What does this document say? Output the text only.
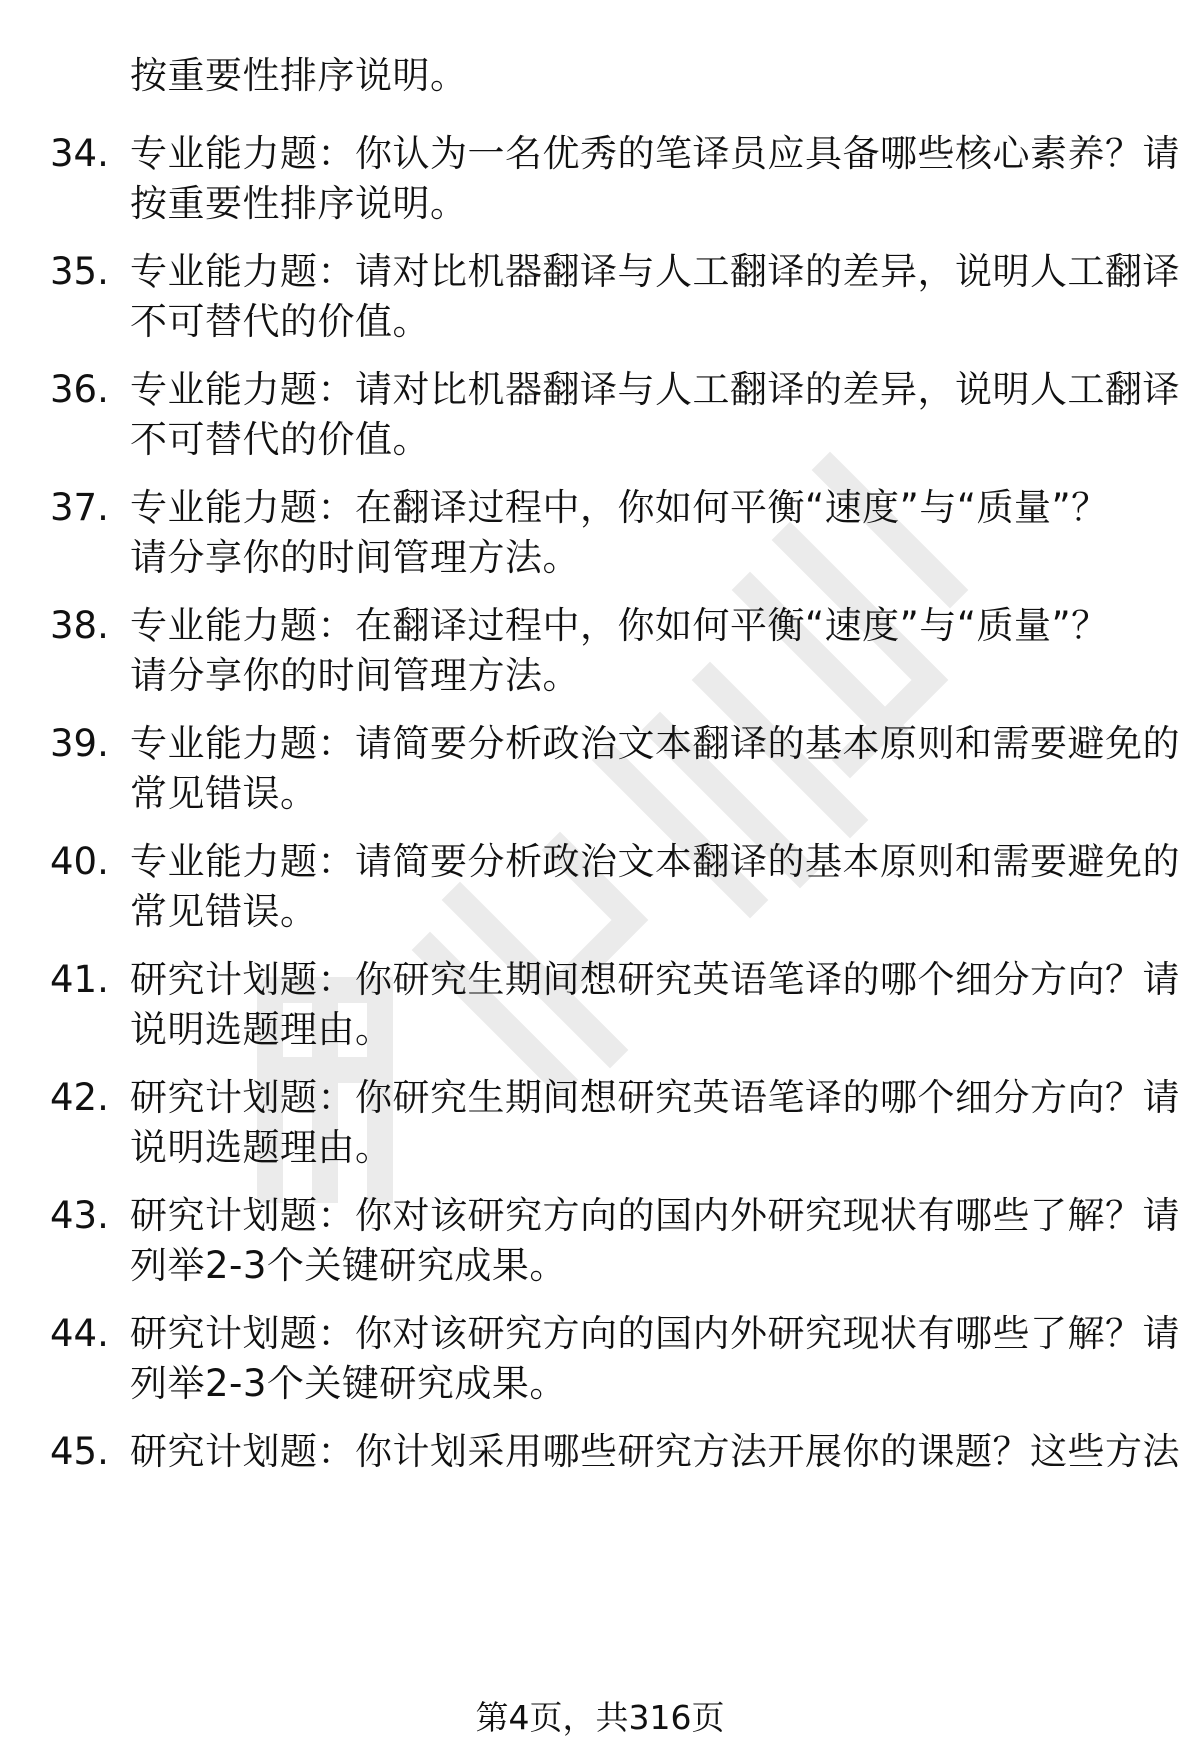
按重要性排序说明。
34. 专业能力题：你认为一名优秀的笔译员应具备哪些核心素养？请
按重要性排序说明。
35. 专业能力题：请对比机器翻译与人工翻译的差异，说明人工翻译
不可替代的价值。
36. 专业能力题：请对比机器翻译与人工翻译的差异，说明人工翻译
不可替代的价值。
37. 专业能力题：在翻译过程中，你如何平衡“速度”与“质量”？
请分享你的时间管理方法。
38. 专业能力题：在翻译过程中，你如何平衡“速度”与“质量”？
请分享你的时间管理方法。
39. 专业能力题：请简要分析政治文本翻译的基本原则和需要避免的
常见错误。
40. 专业能力题：请简要分析政治文本翻译的基本原则和需要避免的
常见错误。
41. 研究计划题：你研究生期间想研究英语笔译的哪个细分方向？请
说明选题理由。
42. 研究计划题：你研究生期间想研究英语笔译的哪个细分方向？请
说明选题理由。
43. 研究计划题：你对该研究方向的国内外研究现状有哪些了解？请
列举2-3个关键研究成果。
44. 研究计划题：你对该研究方向的国内外研究现状有哪些了解？请
列举2-3个关键研究成果。
45. 研究计划题：你计划采用哪些研究方法开展你的课题？这些方法
第4页，共316页
